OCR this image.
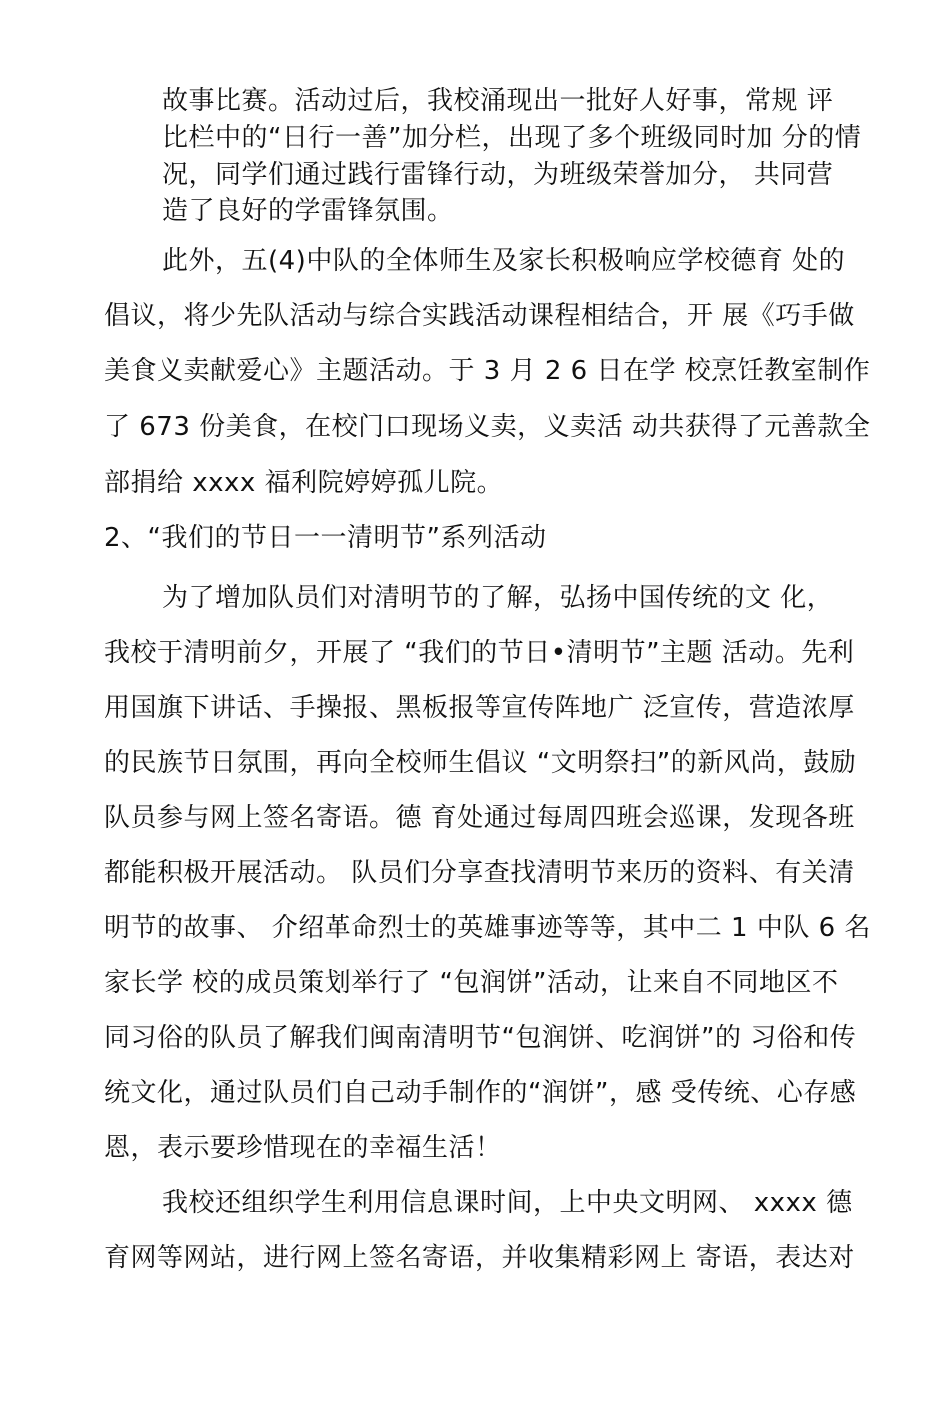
故事比赛。活动过后，我校涌现出一批好人好事，常规 评
比栏中的“日行一善”加分栏，出现了多个班级同时加 分的情
况，同学们通过践行雷锋行动，为班级荣誉加分， 共同营
造了良好的学雷锋氛围。
此外，五(4)中队的全体师生及家长积极响应学校德育 处的
倡议，将少先队活动与综合实践活动课程相结合，开 展《巧手做
美食义卖献爱心》主题活动。于 3 月 2 6 日在学 校烹饪教室制作
了 673 份美食，在校门口现场义卖，义卖活 动共获得了元善款全
部捐给 xxxx 福利院婷婷孤儿院。
2、“我们的节日一一清明节”系列活动
为了增加队员们对清明节的了解，弘扬中国传统的文 化，
我校于清明前夕，开展了 “我们的节日•清明节”主题 活动。先利
用国旗下讲话、手操报、黑板报等宣传阵地广 泛宣传，营造浓厚
的民族节日氛围，再向全校师生倡议 “文明祭扫”的新风尚，鼓励
队员参与网上签名寄语。德 育处通过每周四班会巡课，发现各班
都能积极开展活动。 队员们分享查找清明节来历的资料、有关清
明节的故事、 介绍革命烈士的英雄事迹等等，其中二 1 中队 6 名
家长学 校的成员策划举行了 “包润饼”活动，让来自不同地区不
同习俗的队员了解我们闽南清明节“包润饼、吃润饼”的 习俗和传
统文化，通过队员们自己动手制作的“润饼”，感 受传统、心存感
恩，表示要珍惜现在的幸福生活！
我校还组织学生利用信息课时间，上中央文明网、 xxxx 德
育网等网站，进行网上签名寄语，并收集精彩网上 寄语，表达对
